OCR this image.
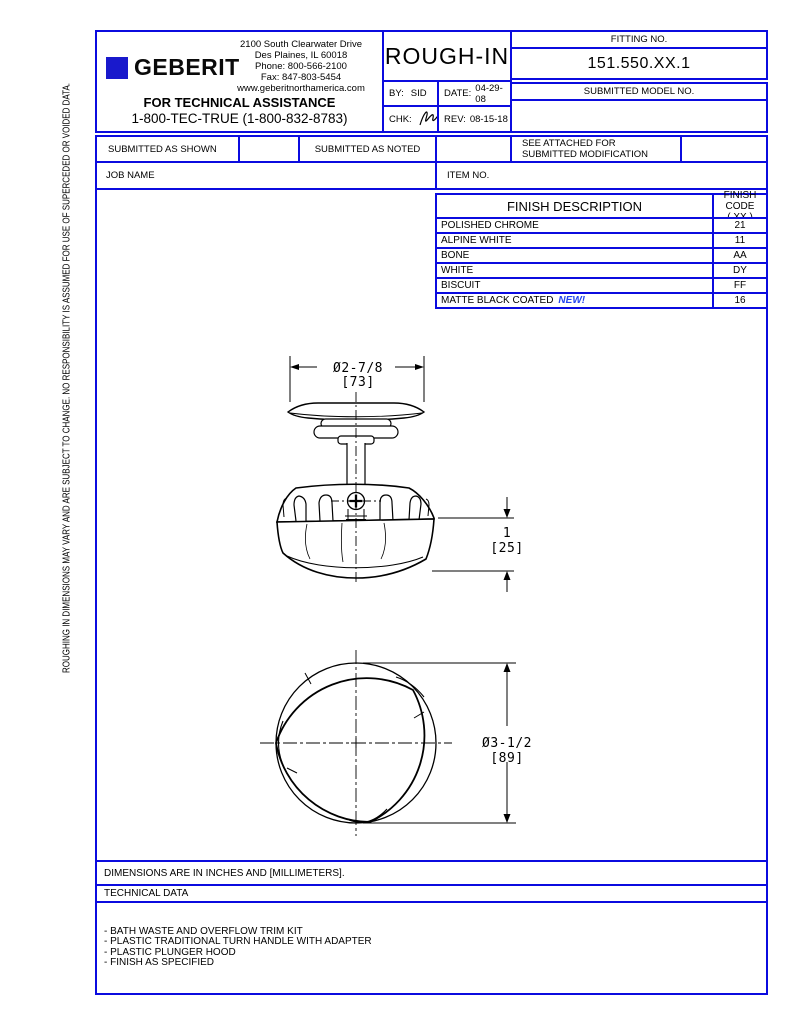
ROUGHING IN DIMENSIONS MAY VARY AND ARE SUBJECT TO CHANGE. NO RESPONSIBILITY IS ASSUMED FOR USE OF SUPERCEDED OR VOIDED DATA.
GEBERIT
2100 South Clearwater Drive
Des Plaines, IL 60018
Phone: 800-566-2100
Fax: 847-803-5454
www.geberitnorthamerica.com
FOR TECHNICAL ASSISTANCE
1-800-TEC-TRUE (1-800-832-8783)
ROUGH-IN
BY: SID DATE: 04-29-08
CHK:	REV: 08-15-18
FITTING NO.
151.550.XX.1
SUBMITTED MODEL NO.
SUBMITTED AS SHOWN	SUBMITTED AS NOTED	SEE ATTACHED FOR
SUBMITTED MODIFICATION
JOB NAME	ITEM NO.
Ø2-7/8
[73]
1
[25]
Ø3-1/2
[89]
FINISH DESCRIPTION
FINISH CODE
POLISHED CHROME	21
ALPINE WHITE	11
BONE	AA
WHITE	DY
BISCUIT	FF
MATTE BLACK COATED NEW!	16
DIMENSIONS ARE IN INCHES AND [MILLIMETERS].
TECHNICAL DATA
- BATH WASTE AND OVERFLOW TRIM KIT
- PLASTIC TRADITIONAL TURN HANDLE WITH ADAPTER
- PLASTIC PLUNGER HOOD
- FINISH AS SPECIFIED
